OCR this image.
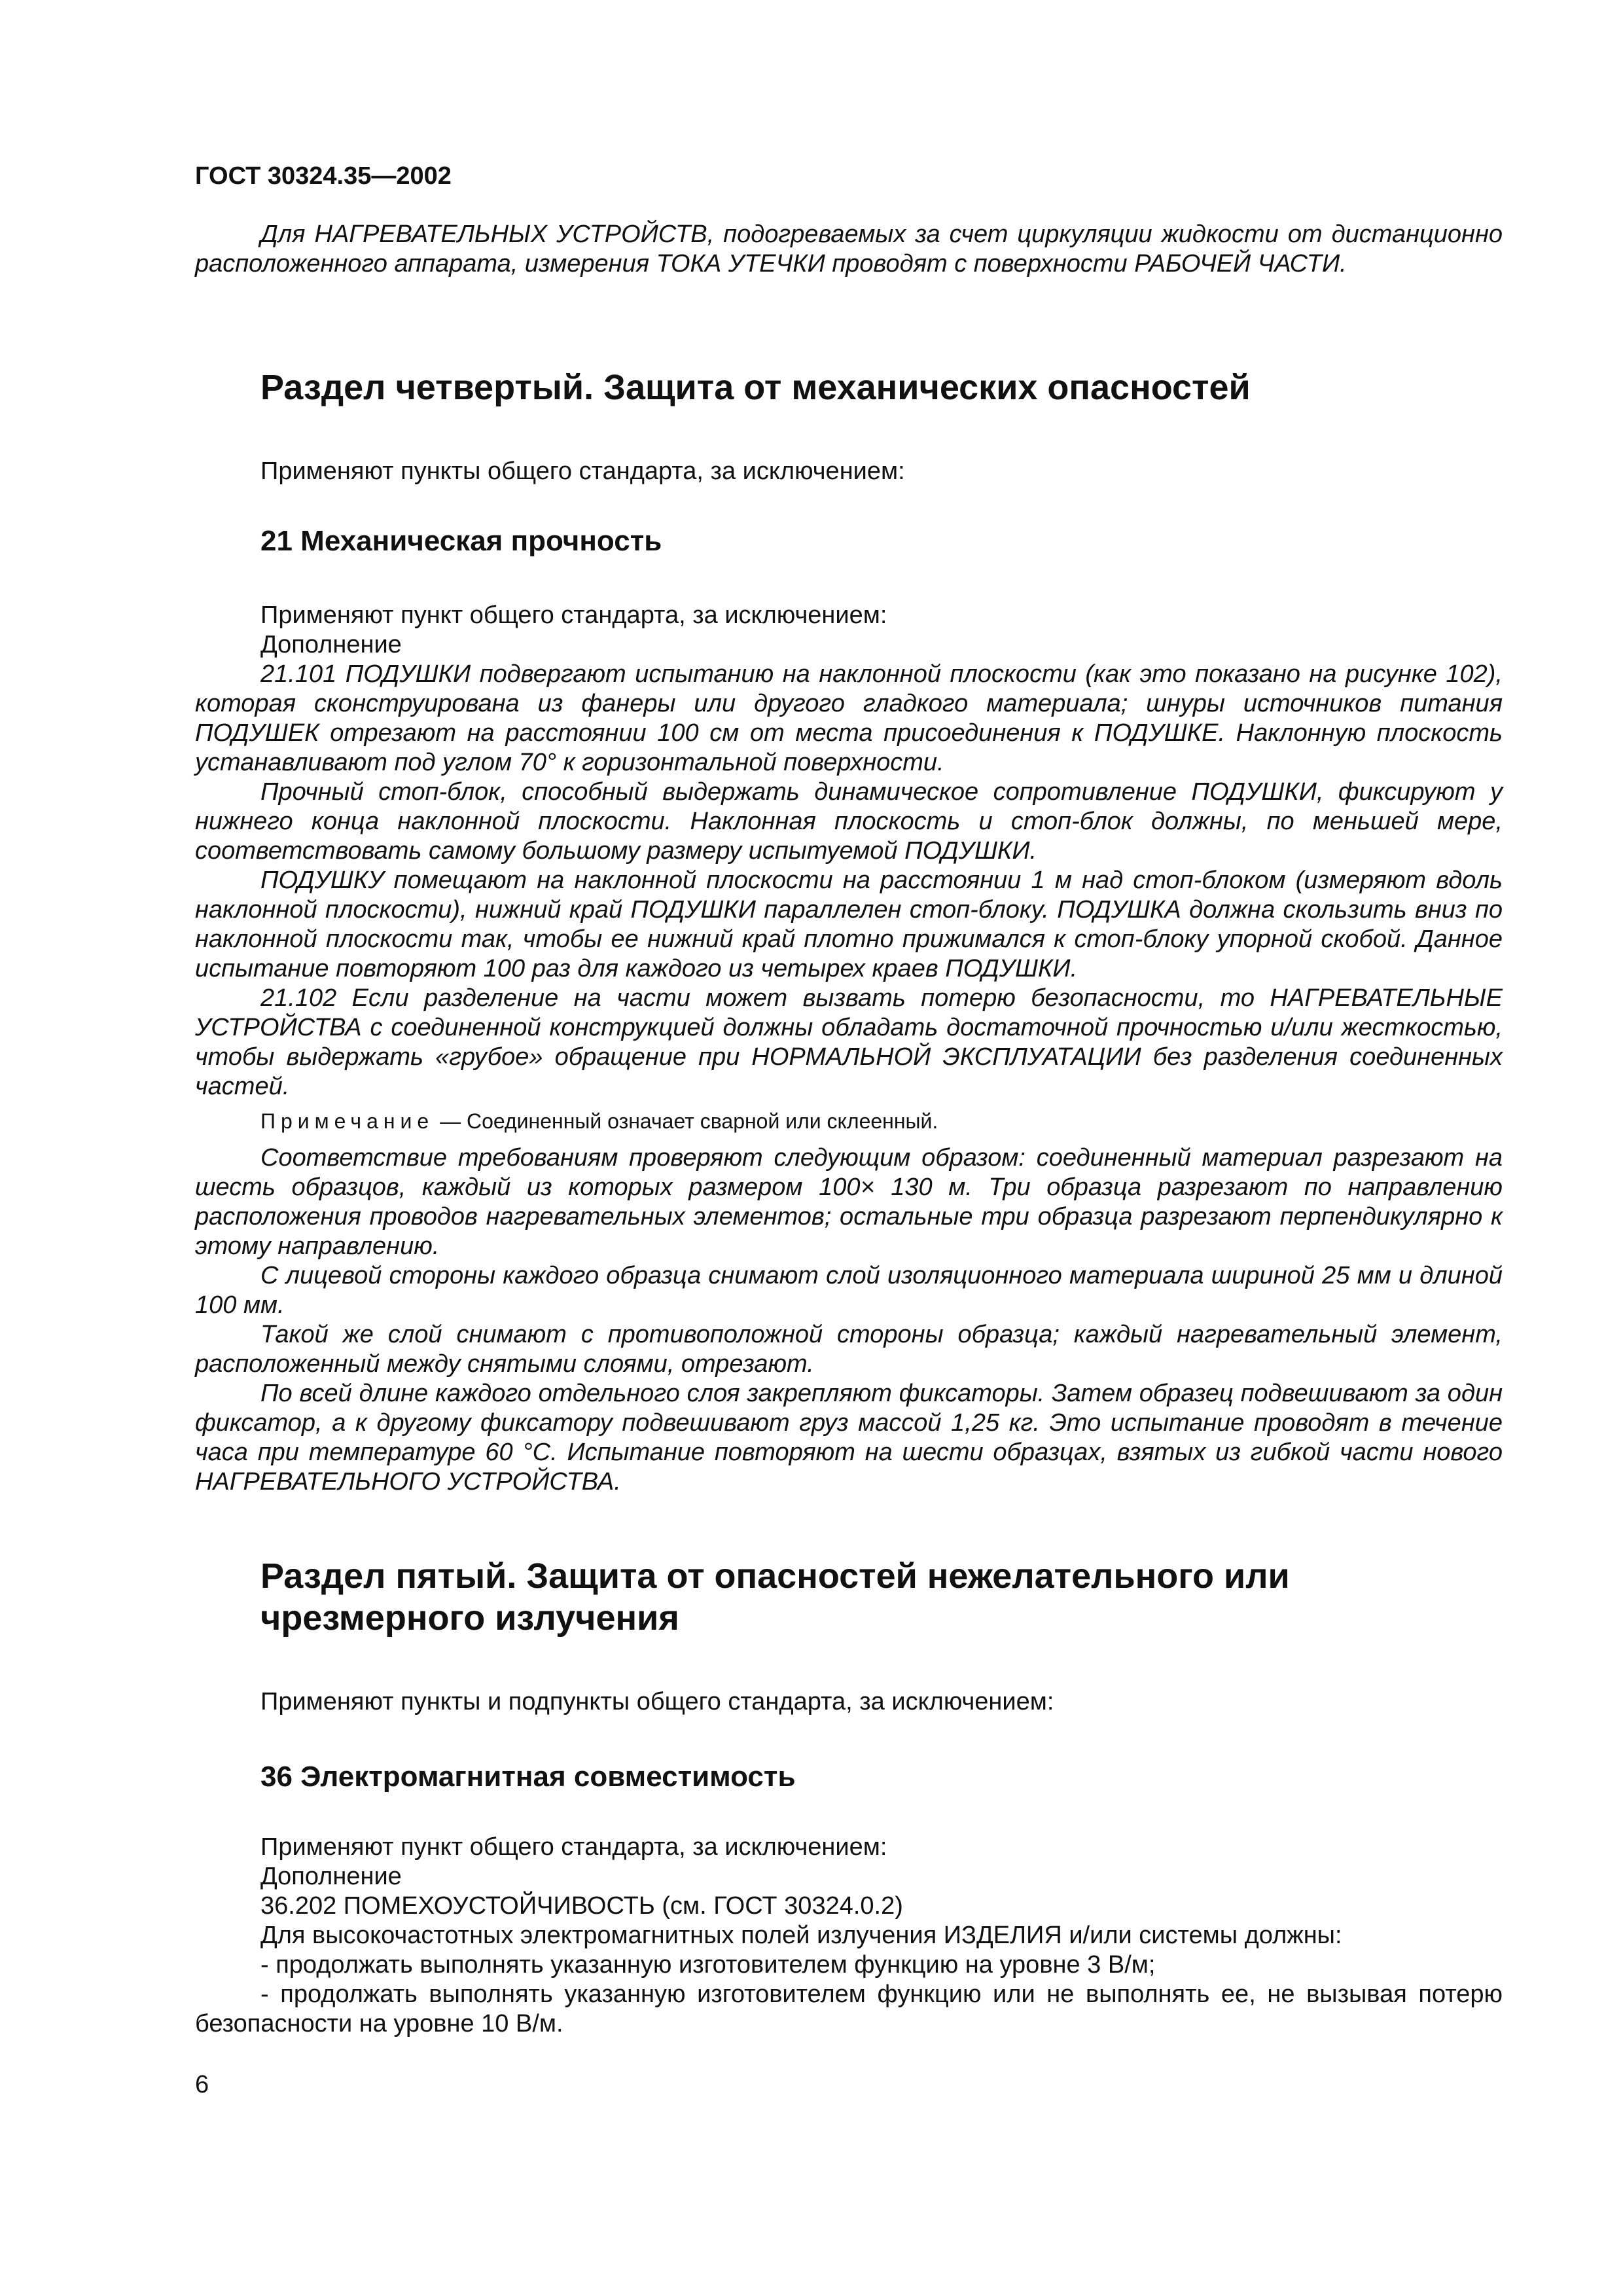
ГОСТ 30324.35—2002

Для НАГРЕВАТЕЛЬНЫХ УСТРОЙСТВ, подогреваемых за счет циркуляции жидкости от дистанционно расположенного аппарата, измерения ТОКА УТЕЧКИ проводят с поверхности РАБОЧЕЙ ЧАСТИ.

Раздел четвертый. Защита от механических опасностей

Применяют пункты общего стандарта, за исключением:

21 Механическая прочность

Применяют пункт общего стандарта, за исключением:

Дополнение

21.101 ПОДУШКИ подвергают испытанию на наклонной плоскости (как это показано на рисунке 102), которая сконструирована из фанеры или другого гладкого материала; шнуры источников питания ПОДУШЕК отрезают на расстоянии 100 см от места присоединения к ПОДУШКЕ. Наклонную плоскость устанавливают под углом 70° к горизонтальной поверхности.

Прочный стоп-блок, способный выдержать динамическое сопротивление ПОДУШКИ, фиксируют у нижнего конца наклонной плоскости. Наклонная плоскость и стоп-блок должны, по меньшей мере, соответствовать самому большому размеру испытуемой ПОДУШКИ.

ПОДУШКУ помещают на наклонной плоскости на расстоянии 1 м над стоп-блоком (измеряют вдоль наклонной плоскости), нижний край ПОДУШКИ параллелен стоп-блоку. ПОДУШКА должна скользить вниз по наклонной плоскости так, чтобы ее нижний край плотно прижимался к стоп-блоку упорной скобой. Данное испытание повторяют 100 раз для каждого из четырех краев ПОДУШКИ.

21.102 Если разделение на части может вызвать потерю безопасности, то НАГРЕВАТЕЛЬНЫЕ УСТРОЙСТВА с соединенной конструкцией должны обладать достаточной прочностью и/или жесткостью, чтобы выдержать «грубое» обращение при НОРМАЛЬНОЙ ЭКСПЛУАТАЦИИ без разделения соединенных частей.

Примечание — Соединенный означает сварной или склеенный.

Соответствие требованиям проверяют следующим образом: соединенный материал разрезают на шесть образцов, каждый из которых размером 100× 130 м. Три образца разрезают по направлению расположения проводов нагревательных элементов; остальные три образца разрезают перпендикулярно к этому направлению.

С лицевой стороны каждого образца снимают слой изоляционного материала шириной 25 мм и длиной 100 мм.

Такой же слой снимают с противоположной стороны образца; каждый нагревательный элемент, расположенный между снятыми слоями, отрезают.

По всей длине каждого отдельного слоя закрепляют фиксаторы. Затем образец подвешивают за один фиксатор, а к другому фиксатору подвешивают груз массой 1,25 кг. Это испытание проводят в течение часа при температуре 60 °С. Испытание повторяют на шести образцах, взятых из гибкой части нового НАГРЕВАТЕЛЬНОГО УСТРОЙСТВА.

Раздел пятый. Защита от опасностей нежелательного или чрезмерного излучения

Применяют пункты и подпункты общего стандарта, за исключением:

36 Электромагнитная совместимость

Применяют пункт общего стандарта, за исключением:

Дополнение

36.202 ПОМЕХОУСТОЙЧИВОСТЬ (см. ГОСТ 30324.0.2)

Для высокочастотных электромагнитных полей излучения ИЗДЕЛИЯ и/или системы должны:

- продолжать выполнять указанную изготовителем функцию на уровне 3 В/м;

- продолжать выполнять указанную изготовителем функцию или не выполнять ее, не вызывая потерю безопасности на уровне 10 В/м.

6
